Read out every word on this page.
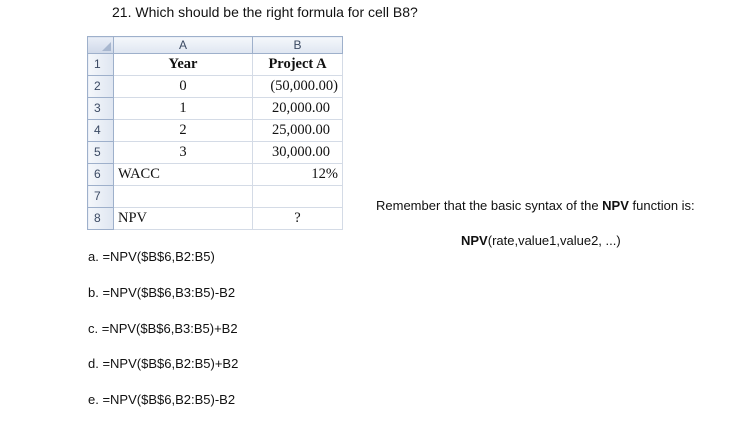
21. Which should be the right formula for cell B8?
	A	B
1	Year	Project A
2	0	(50,000.00)
3	1	20,000.00
4	2	25,000.00
5	3	30,000.00
6	WACC	12%
7		
8	NPV	?
Remember that the basic syntax of the NPV function is:
NPV(rate,value1,value2, ...)
a. =NPV($B$6,B2:B5)
b. =NPV($B$6,B3:B5)-B2
c. =NPV($B$6,B3:B5)+B2
d. =NPV($B$6,B2:B5)+B2
e. =NPV($B$6,B2:B5)-B2
